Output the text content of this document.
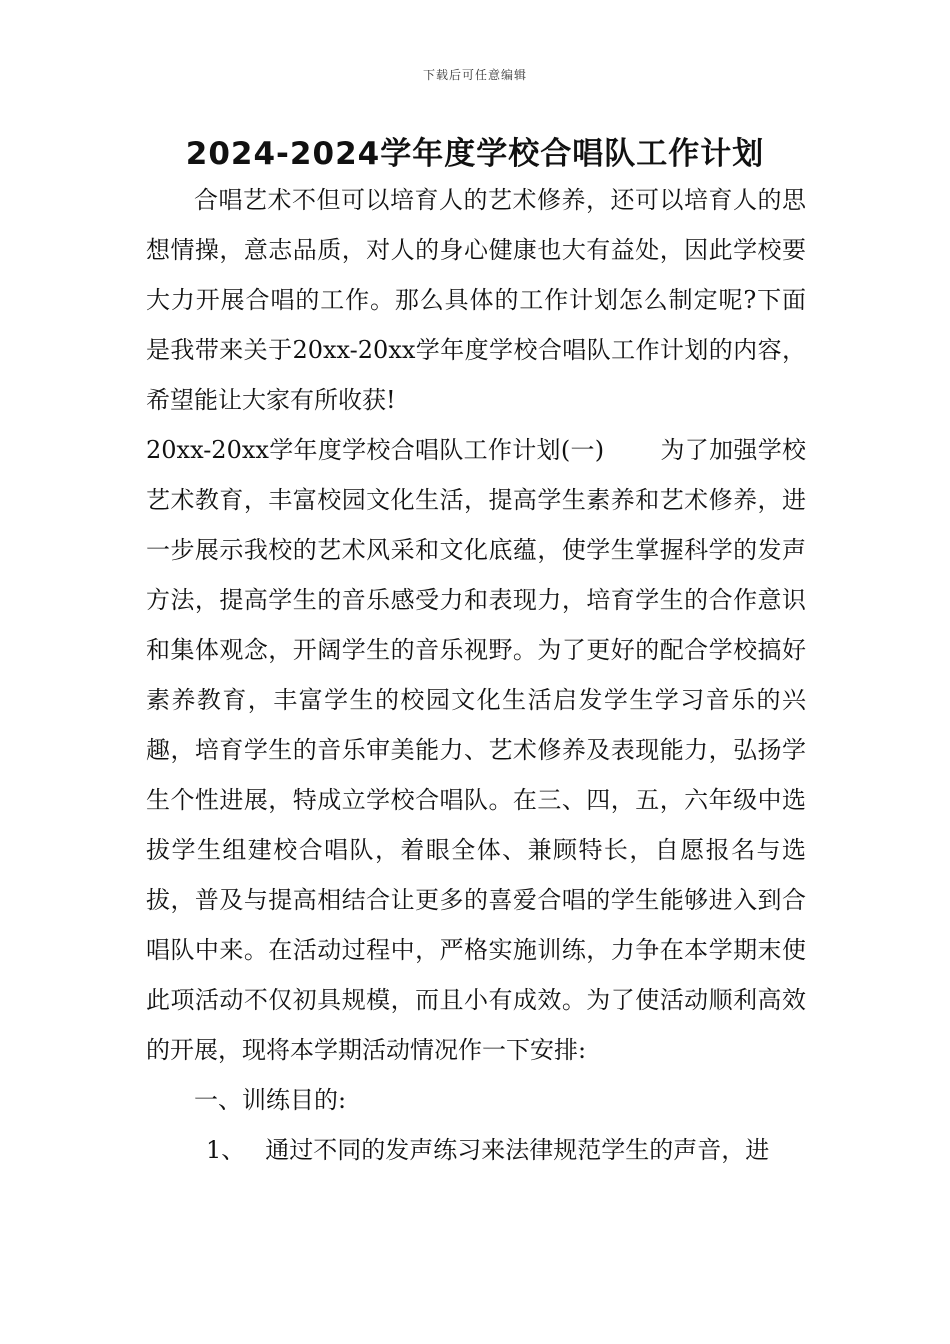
下载后可任意编辑
2024-2024学年度学校合唱队工作计划

合唱艺术不但可以培育人的艺术修养，还可以培育人的思想情操，意志品质，对人的身心健康也大有益处，因此学校要大力开展合唱的工作。那么具体的工作计划怎么制定呢?下面是我带来关于20xx-20xx学年度学校合唱队工作计划的内容，希望能让大家有所收获!

20xx-20xx学年度学校合唱队工作计划(一) 为了加强学校艺术教育，丰富校园文化生活，提高学生素养和艺术修养，进一步展示我校的艺术风采和文化底蕴，使学生掌握科学的发声方法，提高学生的音乐感受力和表现力，培育学生的合作意识和集体观念，开阔学生的音乐视野。为了更好的配合学校搞好素养教育，丰富学生的校园文化生活启发学生学习音乐的兴趣，培育学生的音乐审美能力、艺术修养及表现能力，弘扬学生个性进展，特成立学校合唱队。在三、四，五，六年级中选拔学生组建校合唱队，着眼全体、兼顾特长，自愿报名与选拔，普及与提高相结合让更多的喜爱合唱的学生能够进入到合唱队中来。在活动过程中，严格实施训练，力争在本学期末使此项活动不仅初具规模，而且小有成效。为了使活动顺利高效的开展，现将本学期活动情况作一下安排:

一、训练目的:

1、 通过不同的发声练习来法律规范学生的声音，进
